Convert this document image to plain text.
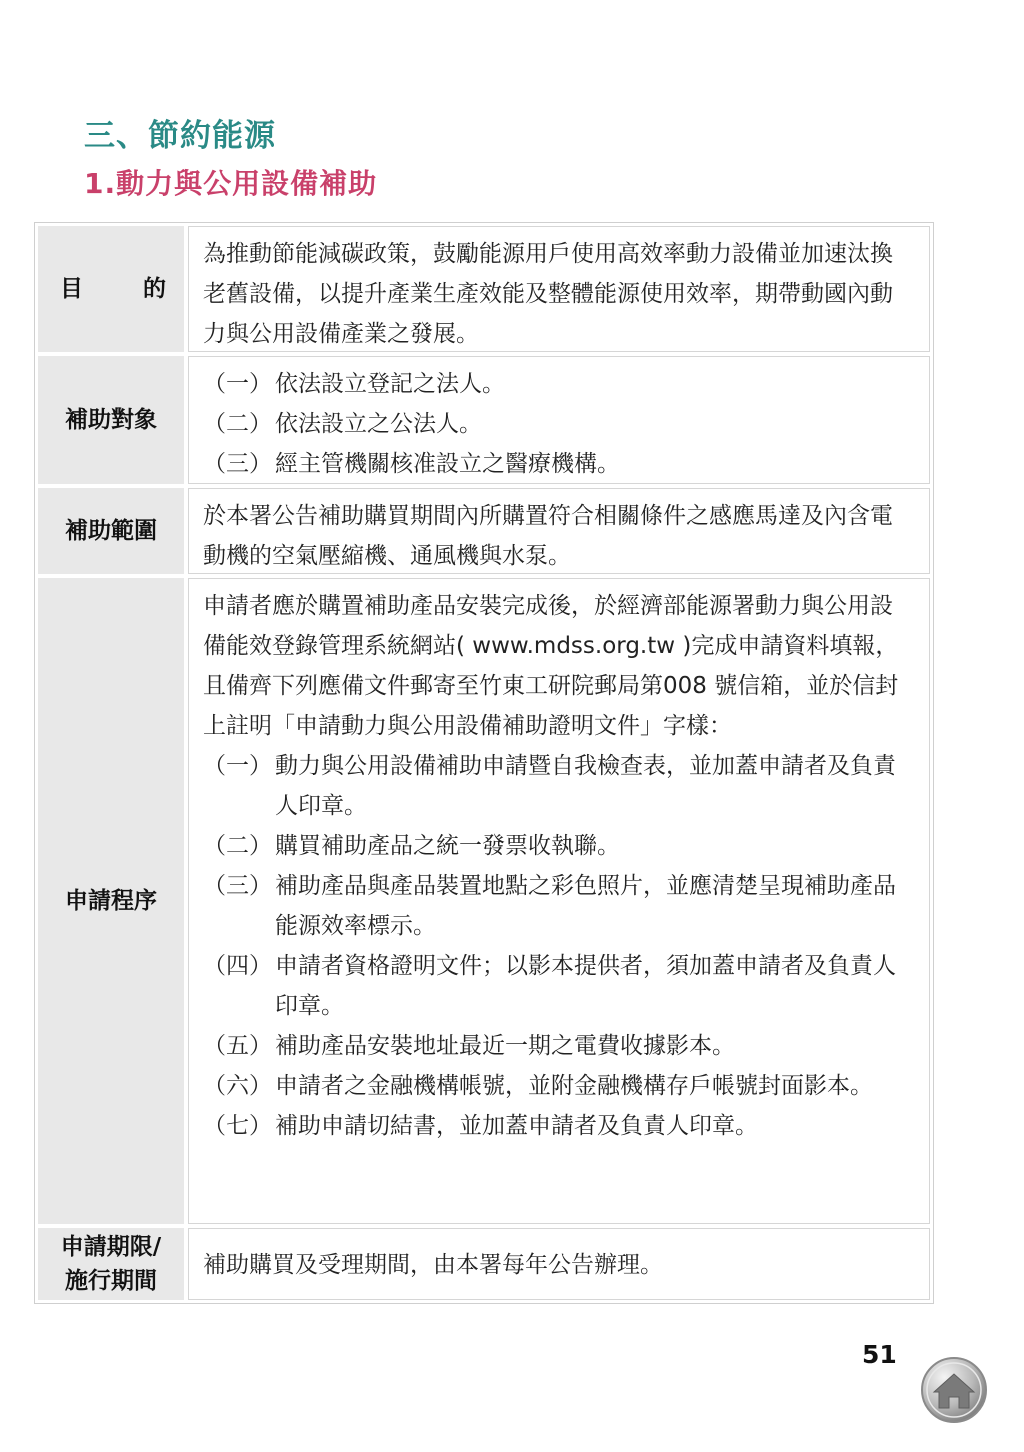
三、節約能源
1.動力與公用設備補助
目	的
為推動節能減碳政策，鼓勵能源用戶使用高效率動力設備並加速汰換老舊設備，以提升產業生產效能及整體能源使用效率，期帶動國內動力與公用設備產業之發展。
補助對象
（一） 依法設立登記之法人。
（二） 依法設立之公法人。
（三） 經主管機關核准設立之醫療機構。
補助範圍
於本署公告補助購買期間內所購置符合相關條件之感應馬達及內含電動機的空氣壓縮機、通風機與水泵。
申請程序
申請者應於購置補助產品安裝完成後，於經濟部能源署動力與公用設備能效登錄管理系統網站( www.mdss.org.tw )完成申請資料填報，且備齊下列應備文件郵寄至竹東工研院郵局第008 號信箱，並於信封上註明「申請動力與公用設備補助證明文件」字樣：
（一） 動力與公用設備補助申請暨自我檢查表，並加蓋申請者及負責人印章。
（二） 購買補助產品之統一發票收執聯。
（三） 補助產品與產品裝置地點之彩色照片，並應清楚呈現補助產品能源效率標示。
（四） 申請者資格證明文件；以影本提供者，須加蓋申請者及負責人印章。
（五） 補助產品安裝地址最近一期之電費收據影本。
（六） 申請者之金融機構帳號，並附金融機構存戶帳號封面影本。
（七） 補助申請切結書，並加蓋申請者及負責人印章。
申請期限/
施行期間
補助購買及受理期間，由本署每年公告辦理。
51
